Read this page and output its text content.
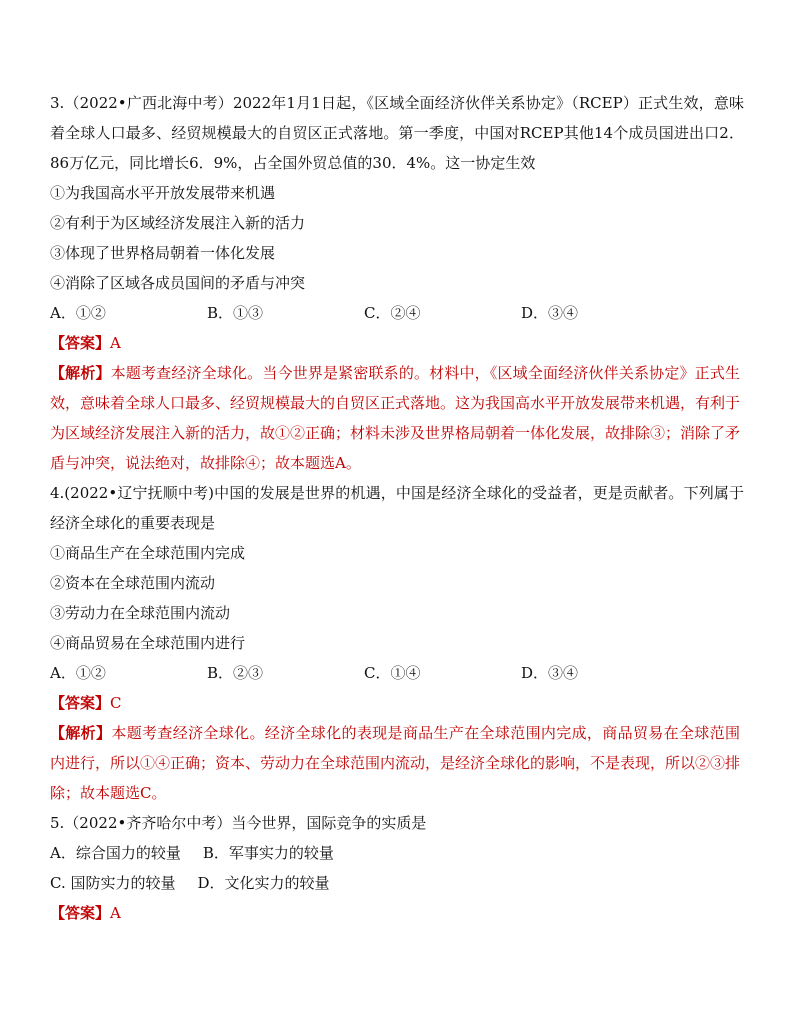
3.（2022•广西北海中考）2022年1月1日起，《区域全面经济伙伴关系协定》（RCEP）正式生效，意味着全球人口最多、经贸规模最大的自贸区正式落地。第一季度，中国对RCEP其他14个成员国进出口2．86万亿元，同比增长6．9%，占全国外贸总值的30．4%。这一协定生效
①为我国高水平开放发展带来机遇
②有利于为区域经济发展注入新的活力
③体现了世界格局朝着一体化发展
④消除了区域各成员国间的矛盾与冲突
A．①②	B．①③	C．②④	D．③④
【答案】A
【解析】本题考查经济全球化。当今世界是紧密联系的。材料中，《区域全面经济伙伴关系协定》正式生效，意味着全球人口最多、经贸规模最大的自贸区正式落地。这为我国高水平开放发展带来机遇，有利于为区域经济发展注入新的活力，故①②正确；材料未涉及世界格局朝着一体化发展，故排除③；消除了矛盾与冲突，说法绝对，故排除④；故本题选A。
4.(2022•辽宁抚顺中考)中国的发展是世界的机遇，中国是经济全球化的受益者，更是贡献者。下列属于经济全球化的重要表现是
①商品生产在全球范围内完成
②资本在全球范围内流动
③劳动力在全球范围内流动
④商品贸易在全球范围内进行
A．①②	B．②③	C．①④	D．③④
【答案】C
【解析】本题考查经济全球化。经济全球化的表现是商品生产在全球范围内完成，商品贸易在全球范围内进行，所以①④正确；资本、劳动力在全球范围内流动，是经济全球化的影响，不是表现，所以②③排除；故本题选C。
5.（2022•齐齐哈尔中考）当今世界，国际竞争的实质是
A．综合国力的较量 B．军事实力的较量
C. 国防实力的较量 D．文化实力的较量
【答案】A
